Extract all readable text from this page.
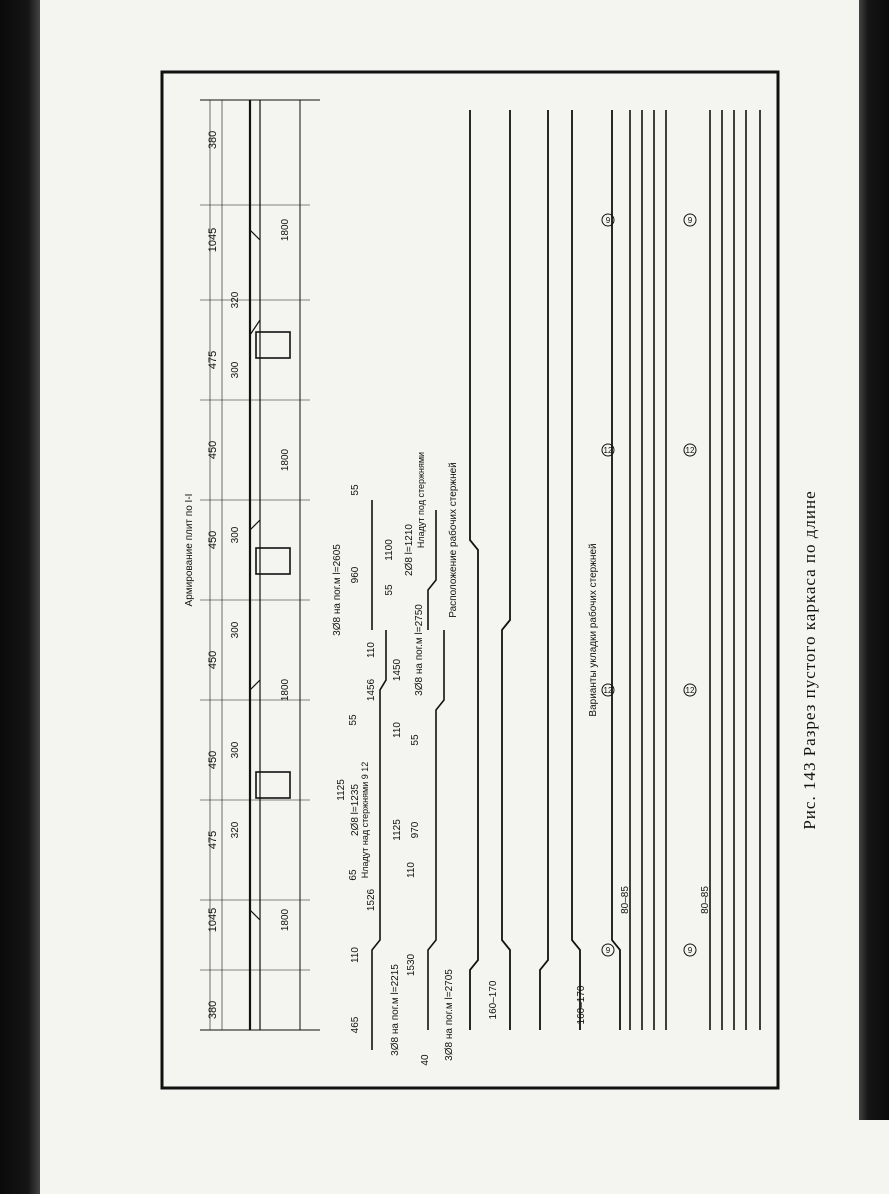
Армирование плит по I-I
380
1045
475
450
450
450
450
475
1045
380
320
300
300
300
300
320
1800
1800
1800
1800
465
110
1526
65
1125
55
1456
2Ø8 l=1235 Нладут над стержнями 9 12
3Ø8 на пог.м l=2215
40
1530
110
970
55
1125
3Ø8 на пог.м l=2705
960
55
110
3Ø8 на пог.м l=2605
1450
110
55
1100 2Ø8 l=1210
3Ø8 на пог.м l=2750
Нладут под стержнями Расположение рабочих стержней
160–170	160–170
Варианты укладки рабочих стержней
80–85	80–85
9
12
12
9
9
12
12
9
Рис. 143 Разрез пустого каркаса по длине
